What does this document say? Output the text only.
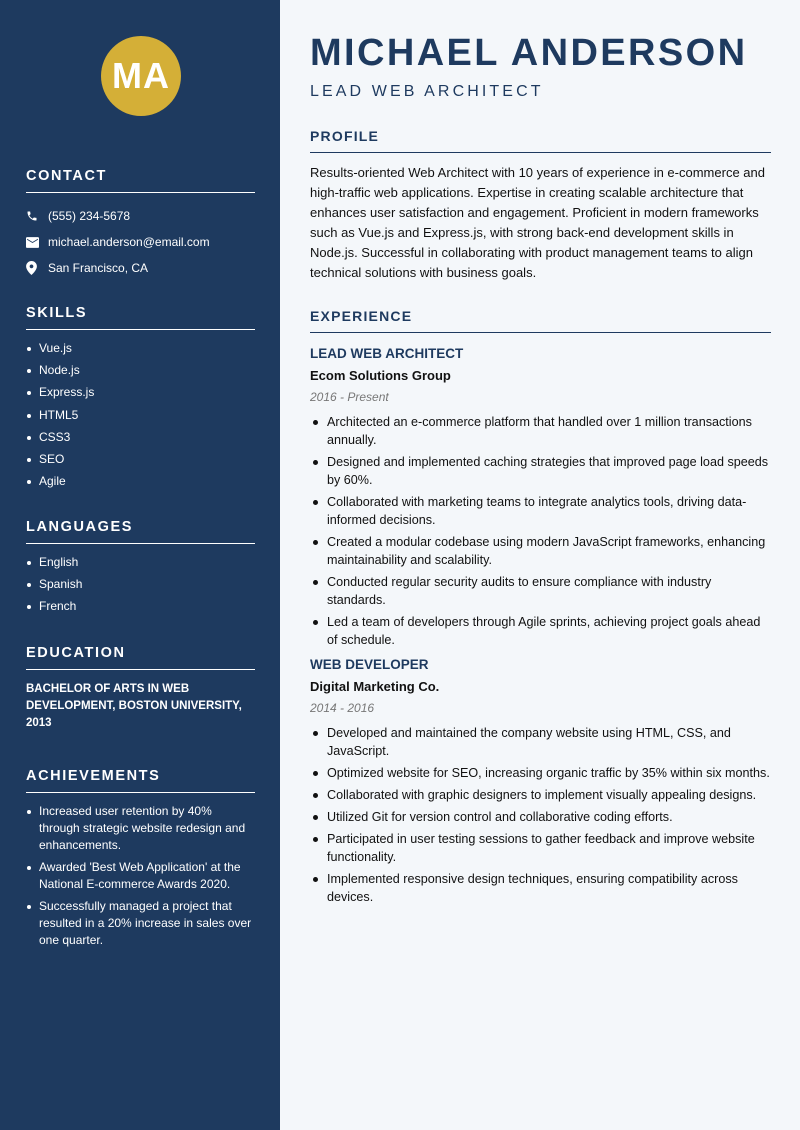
MA
CONTACT
(555) 234-5678
michael.anderson@email.com
San Francisco, CA
SKILLS
Vue.js
Node.js
Express.js
HTML5
CSS3
SEO
Agile
LANGUAGES
English
Spanish
French
EDUCATION
BACHELOR OF ARTS IN WEB DEVELOPMENT, BOSTON UNIVERSITY, 2013
ACHIEVEMENTS
Increased user retention by 40% through strategic website redesign and enhancements.
Awarded 'Best Web Application' at the National E-commerce Awards 2020.
Successfully managed a project that resulted in a 20% increase in sales over one quarter.
MICHAEL ANDERSON
LEAD WEB ARCHITECT
PROFILE

Results-oriented Web Architect with 10 years of experience in e-commerce and high-traffic web applications. Expertise in creating scalable architecture that enhances user satisfaction and engagement. Proficient in modern frameworks such as Vue.js and Express.js, with strong back-end development skills in Node.js. Successful in collaborating with product management teams to align technical solutions with business goals.

EXPERIENCE
LEAD WEB ARCHITECT
Ecom Solutions Group
2016 - Present
Architected an e-commerce platform that handled over 1 million transactions annually.
Designed and implemented caching strategies that improved page load speeds by 60%.
Collaborated with marketing teams to integrate analytics tools, driving data-informed decisions.
Created a modular codebase using modern JavaScript frameworks, enhancing maintainability and scalability.
Conducted regular security audits to ensure compliance with industry standards.
Led a team of developers through Agile sprints, achieving project goals ahead of schedule.
WEB DEVELOPER
Digital Marketing Co.
2014 - 2016
Developed and maintained the company website using HTML, CSS, and JavaScript.
Optimized website for SEO, increasing organic traffic by 35% within six months.
Collaborated with graphic designers to implement visually appealing designs.
Utilized Git for version control and collaborative coding efforts.
Participated in user testing sessions to gather feedback and improve website functionality.
Implemented responsive design techniques, ensuring compatibility across devices.
